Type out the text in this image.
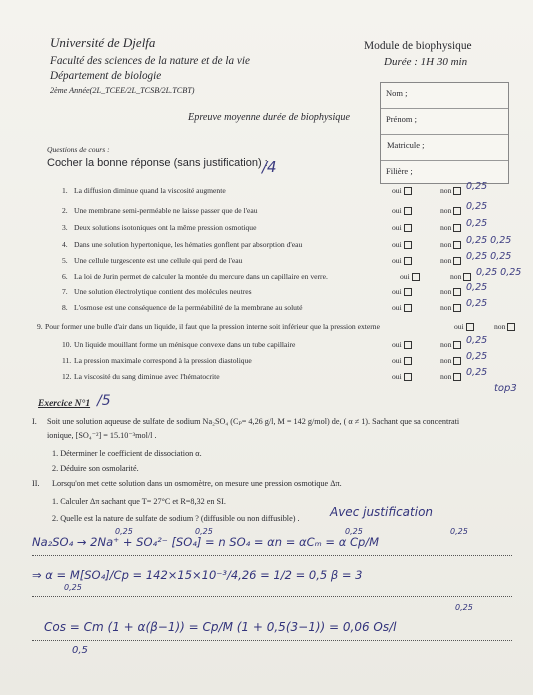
Université de Djelfa
Faculté des sciences de la nature et de la vie
Département de biologie
2ème Année(2L_TCEE/2L_TCSB/2L.TCBT)
Module de biophysique
Durée : 1H 30 min
Nom ;
Prénom ;
Matricule ;
Filière ;
Epreuve moyenne durée de biophysique
Questions de cours :
Cocher la bonne réponse (sans justification) :
/4
1. La diffusion diminue quand la viscosité augmente	oui	non	0,25
2. Une membrane semi-perméable ne laisse passer que de l'eau	oui	non	0,25
3. Deux solutions isotoniques ont la même pression osmotique	oui	non	0,25
4. Dans une solution hypertonique, les hématies gonflent par absorption d'eau	oui	non	0,25 0,25
5. Une cellule turgescente est une cellule qui perd de l'eau	oui	non	0,25 0,25
6. La loi de Jurin permet de calculer la montée du mercure dans un capillaire en verre.	oui	non	0,25 0,25
7. Une solution électrolytique contient des molécules neutres	oui	non	0,25
8. L'osmose est une conséquence de la perméabilité de la membrane au soluté	oui	non	0,25
9. Pour former une bulle d'air dans un liquide, il faut que la pression interne soit inférieur que la pression externe	oui	non
10. Un liquide mouillant forme un ménisque convexe dans un tube capillaire	oui	non	0,25
11. La pression maximale correspond à la pression diastolique	oui	non	0,25
12. La viscosité du sang diminue avec l'hématocrite	oui	non	0,25
top3
Exercice N°1 /5
I. Soit une solution aqueuse de sulfate de sodium Na₂SO₄ (Cₚ= 4,26 g/l, M = 142 g/mol) de, ( α ≠ 1). Sachant que sa concentrati
ionique, [SO₄⁻²] = 15.10⁻³mol/l .
1. Déterminer le coefficient de dissociation α.
2. Déduire son osmolarité.
II. Lorsqu'on met cette solution dans un osmomètre, on mesure une pression osmotique Δπ.
1. Calculer Δπ sachant que T= 27°C et R=8,32 en SI.
2. Quelle est la nature de sulfate de sodium ? (diffusible ou non diffusible) .	Avec justification
Na₂SO₄ → 2Na⁺ + SO₄²⁻ [SO₄] = n SO₄ = αn = αCₘ = α Cp/M
⇒ α = M[SO₄]/Cp = 142×15×10⁻³/4,26 = 1/2 = 0,5 β = 3
Cos = Cm (1 + α(β−1)) = Cp/M (1 + 0,5(3−1)) = 0,06 Os/l
0,25	0,25	0,25	0,25
0,25
0,25
0,5
